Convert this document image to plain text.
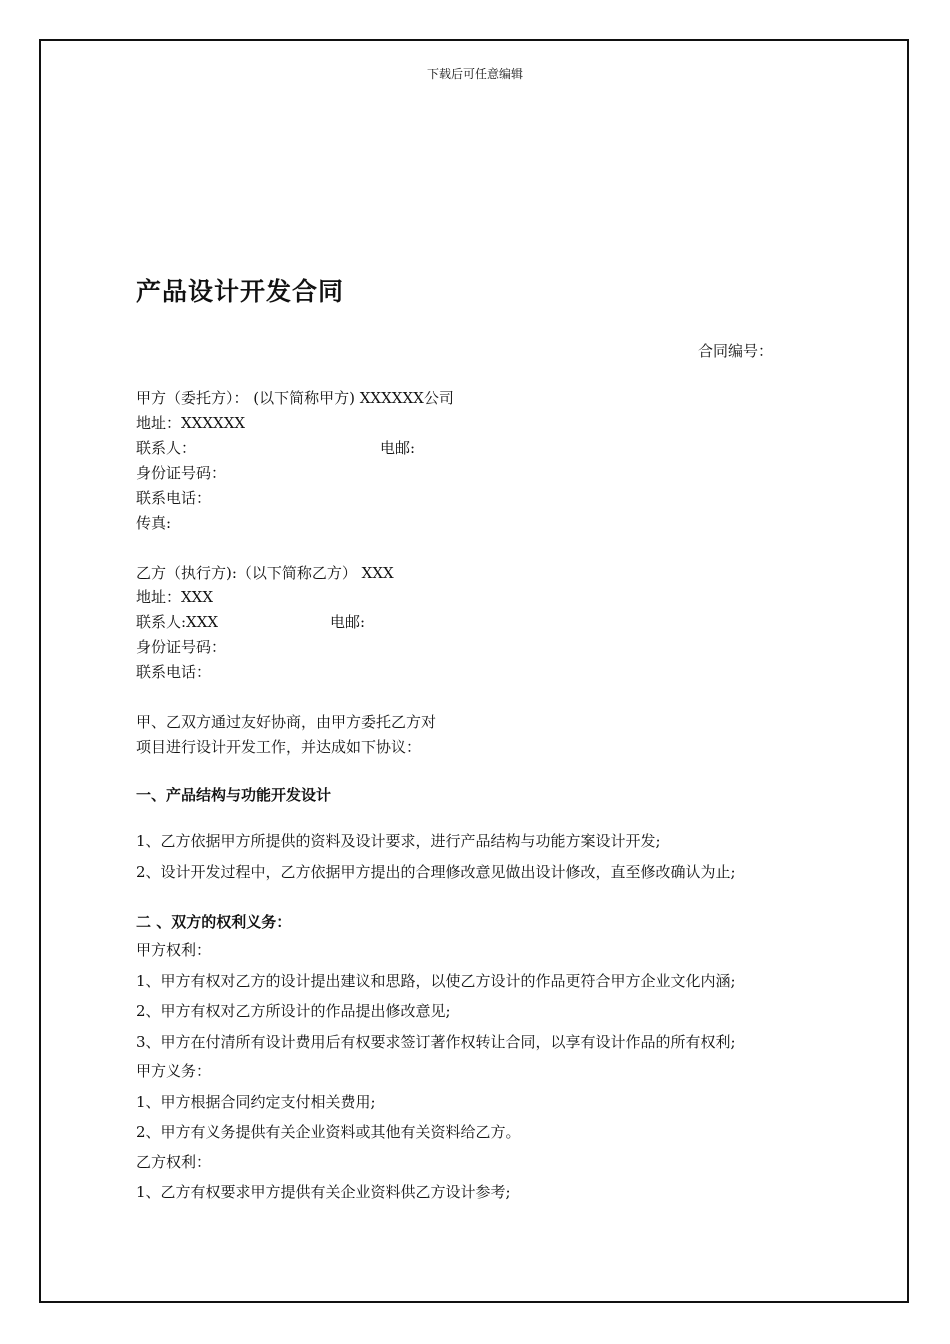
下载后可任意编辑
产品设计开发合同
合同编号：
甲方（委托方）： (以下简称甲方) XXXXXX公司
地址：XXXXXX
联系人：	电邮:
身份证号码：
联系电话：
传真:
乙方（执行方):（以下简称乙方） XXX
地址：XXX
联系人:XXX	电邮:
身份证号码：
联系电话：
甲、乙双方通过友好协商，由甲方委托乙方对
项目进行设计开发工作，并达成如下协议：
一、产品结构与功能开发设计
1、乙方依据甲方所提供的资料及设计要求，进行产品结构与功能方案设计开发;
2、设计开发过程中，乙方依据甲方提出的合理修改意见做出设计修改，直至修改确认为止;
二 、双方的权利义务：
甲方权利：
1、甲方有权对乙方的设计提出建议和思路，以使乙方设计的作品更符合甲方企业文化内涵;
2、甲方有权对乙方所设计的作品提出修改意见;
3、甲方在付清所有设计费用后有权要求签订著作权转让合同，以享有设计作品的所有权利;
甲方义务：
1、甲方根据合同约定支付相关费用;
2、甲方有义务提供有关企业资料或其他有关资料给乙方。
乙方权利：
1、乙方有权要求甲方提供有关企业资料供乙方设计参考;
